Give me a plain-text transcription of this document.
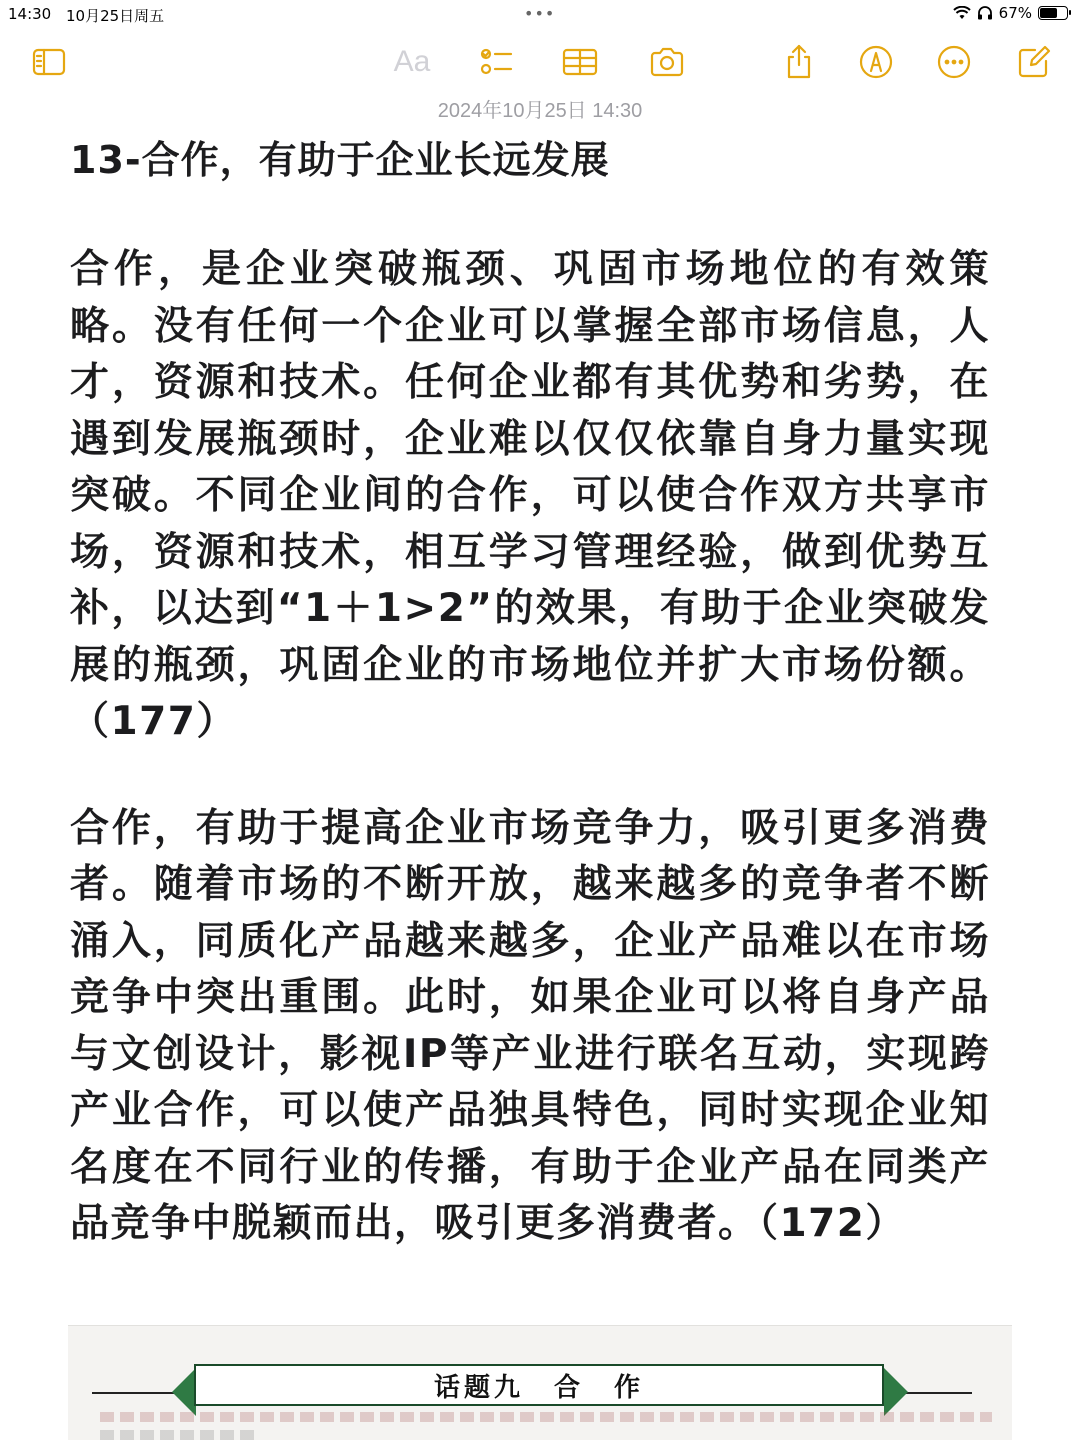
14:30 10月25日周五	•••	67%
Aa
2024年10月25日 14:30
13-合作，有助于企业长远发展

合作，是企业突破瓶颈、巩固市场地位的有效策略。没有任何一个企业可以掌握全部市场信息，人才，资源和技术。任何企业都有其优势和劣势，在遇到发展瓶颈时，企业难以仅仅依靠自身力量实现突破。不同企业间的合作，可以使合作双方共享市场，资源和技术，相互学习管理经验，做到优势互补，以达到“1＋1>2”的效果，有助于企业突破发展的瓶颈，巩固企业的市场地位并扩大市场份额。（177）

合作，有助于提高企业市场竞争力，吸引更多消费者。随着市场的不断开放，越来越多的竞争者不断涌入，同质化产品越来越多，企业产品难以在市场竞争中突出重围。此时，如果企业可以将自身产品与文创设计，影视IP等产业进行联名互动，实现跨产业合作，可以使产品独具特色，同时实现企业知名度在不同行业的传播，有助于企业产品在同类产品竞争中脱颖而出，吸引更多消费者。（172）

话题九　合　作
